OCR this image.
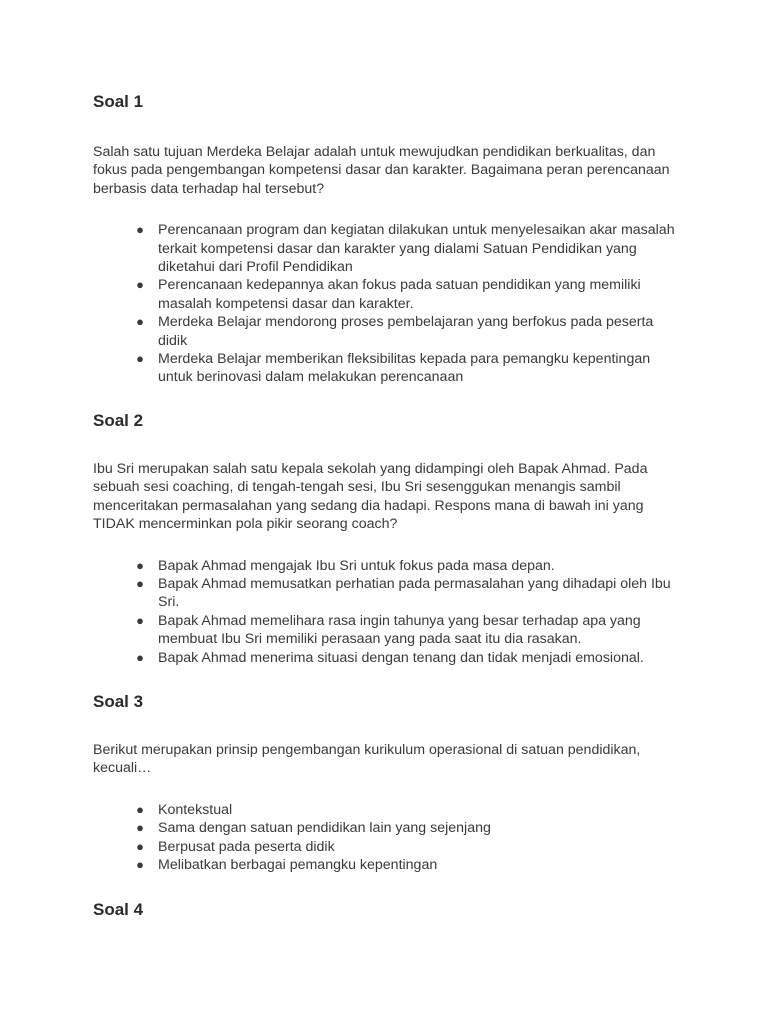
Soal 1

Salah satu tujuan Merdeka Belajar adalah untuk mewujudkan pendidikan berkualitas, dan fokus pada pengembangan kompetensi dasar dan karakter. Bagaimana peran perencanaan berbasis data terhadap hal tersebut?

● Perencanaan program dan kegiatan dilakukan untuk menyelesaikan akar masalah terkait kompetensi dasar dan karakter yang dialami Satuan Pendidikan yang diketahui dari Profil Pendidikan
● Perencanaan kedepannya akan fokus pada satuan pendidikan yang memiliki masalah kompetensi dasar dan karakter.
● Merdeka Belajar mendorong proses pembelajaran yang berfokus pada peserta didik
● Merdeka Belajar memberikan fleksibilitas kepada para pemangku kepentingan untuk berinovasi dalam melakukan perencanaan
Soal 2

Ibu Sri merupakan salah satu kepala sekolah yang didampingi oleh Bapak Ahmad. Pada sebuah sesi coaching, di tengah-tengah sesi, Ibu Sri sesenggukan menangis sambil menceritakan permasalahan yang sedang dia hadapi. Respons mana di bawah ini yang TIDAK mencerminkan pola pikir seorang coach?

● Bapak Ahmad mengajak Ibu Sri untuk fokus pada masa depan.
● Bapak Ahmad memusatkan perhatian pada permasalahan yang dihadapi oleh Ibu Sri.
● Bapak Ahmad memelihara rasa ingin tahunya yang besar terhadap apa yang membuat Ibu Sri memiliki perasaan yang pada saat itu dia rasakan.
● Bapak Ahmad menerima situasi dengan tenang dan tidak menjadi emosional.
Soal 3

Berikut merupakan prinsip pengembangan kurikulum operasional di satuan pendidikan, kecuali…

● Kontekstual
● Sama dengan satuan pendidikan lain yang sejenjang
● Berpusat pada peserta didik
● Melibatkan berbagai pemangku kepentingan
Soal 4
